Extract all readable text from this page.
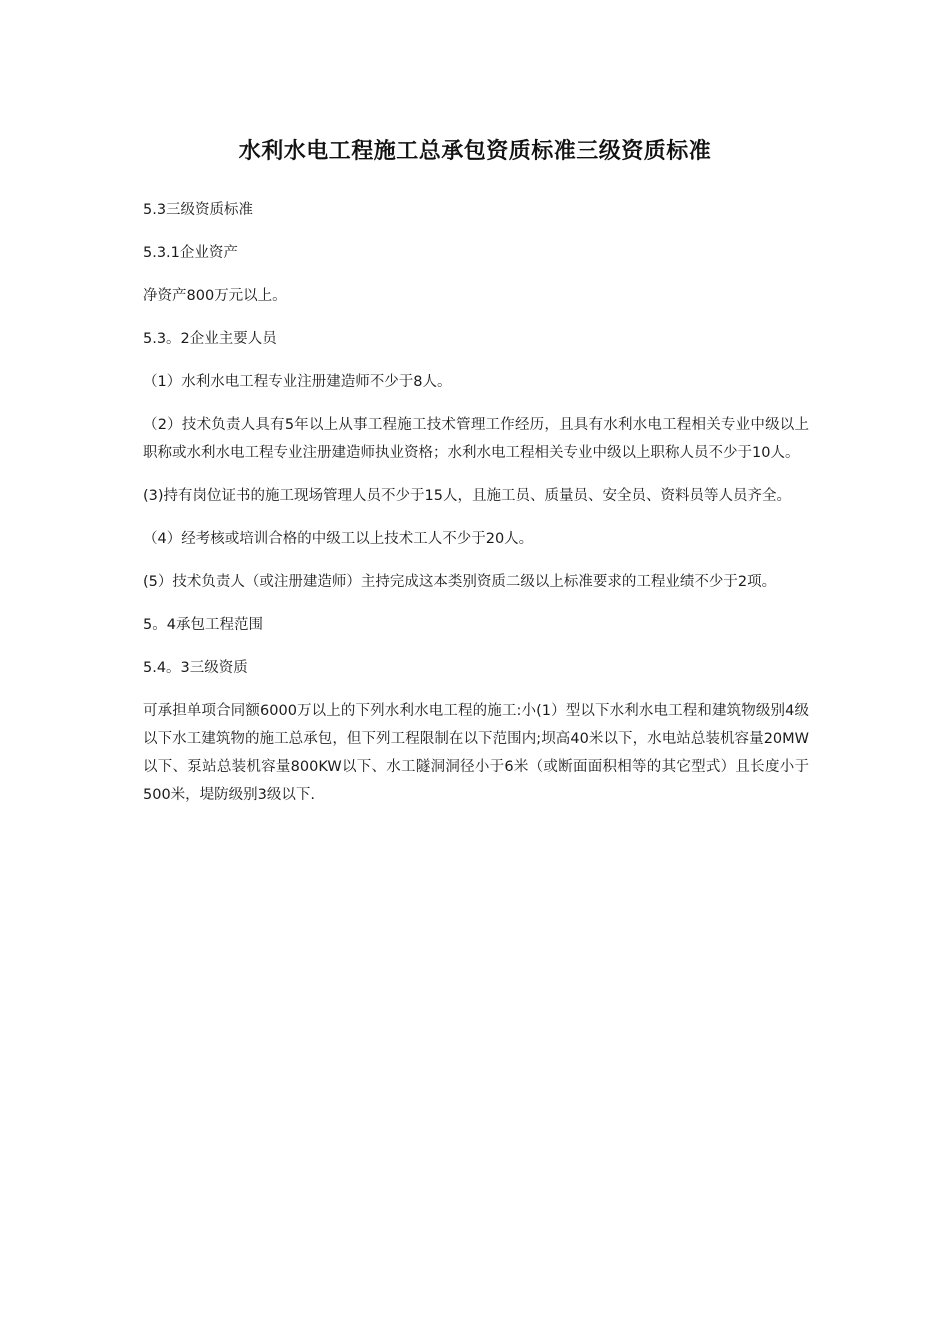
水利水电工程施工总承包资质标准三级资质标准

5.3三级资质标准

5.3.1企业资产

净资产800万元以上。

5.3。2企业主要人员

（1）水利水电工程专业注册建造师不少于8人。

（2）技术负责人具有5年以上从事工程施工技术管理工作经历，且具有水利水电工程相关专业中级以上职称或水利水电工程专业注册建造师执业资格；水利水电工程相关专业中级以上职称人员不少于10人。

(3)持有岗位证书的施工现场管理人员不少于15人，且施工员、质量员、安全员、资料员等人员齐全。

（4）经考核或培训合格的中级工以上技术工人不少于20人。

(5）技术负责人（或注册建造师）主持完成这本类别资质二级以上标准要求的工程业绩不少于2项。

5。4承包工程范围

5.4。3三级资质

可承担单项合同额6000万以上的下列水利水电工程的施工:小(1）型以下水利水电工程和建筑物级别4级以下水工建筑物的施工总承包，但下列工程限制在以下范围内;坝高40米以下，水电站总装机容量20MW以下、泵站总装机容量800KW以下、水工隧洞洞径小于6米（或断面面积相等的其它型式）且长度小于500米，堤防级别3级以下.
